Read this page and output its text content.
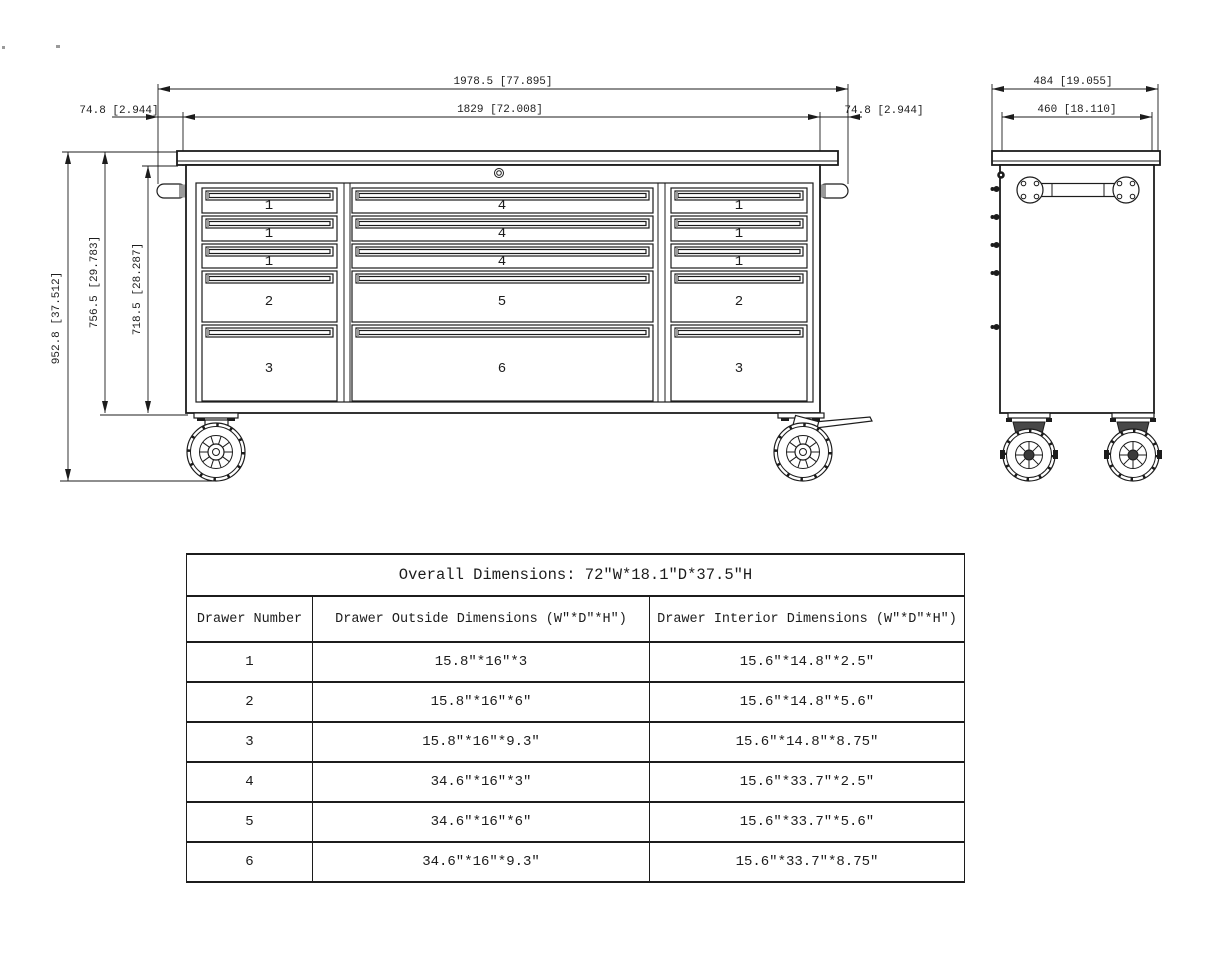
1978.5 [77.895]
1829 [72.008]
74.8 [2.944]	74.8 [2.944]
952.8 [37.512] 756.5 [29.783]	718.5 [28.287]
484 [19.055]
460 [18.110]
1
1
1
2
3
4
4
4
5
6
1
1
1
2
3
Overall Dimensions: 72″W*18.1″D*37.5″H		
Drawer Number	Drawer Outside Dimensions (W″*D″*H″)	Drawer Interior Dimensions (W″*D″*H″)
1	15.8″*16″*3	15.6″*14.8″*2.5″
2	15.8″*16″*6″	15.6″*14.8″*5.6″
3	15.8″*16″*9.3″	15.6″*14.8″*8.75″
4	34.6″*16″*3″	15.6″*33.7″*2.5″
5	34.6″*16″*6″	15.6″*33.7″*5.6″
6	34.6″*16″*9.3″	15.6″*33.7″*8.75″
